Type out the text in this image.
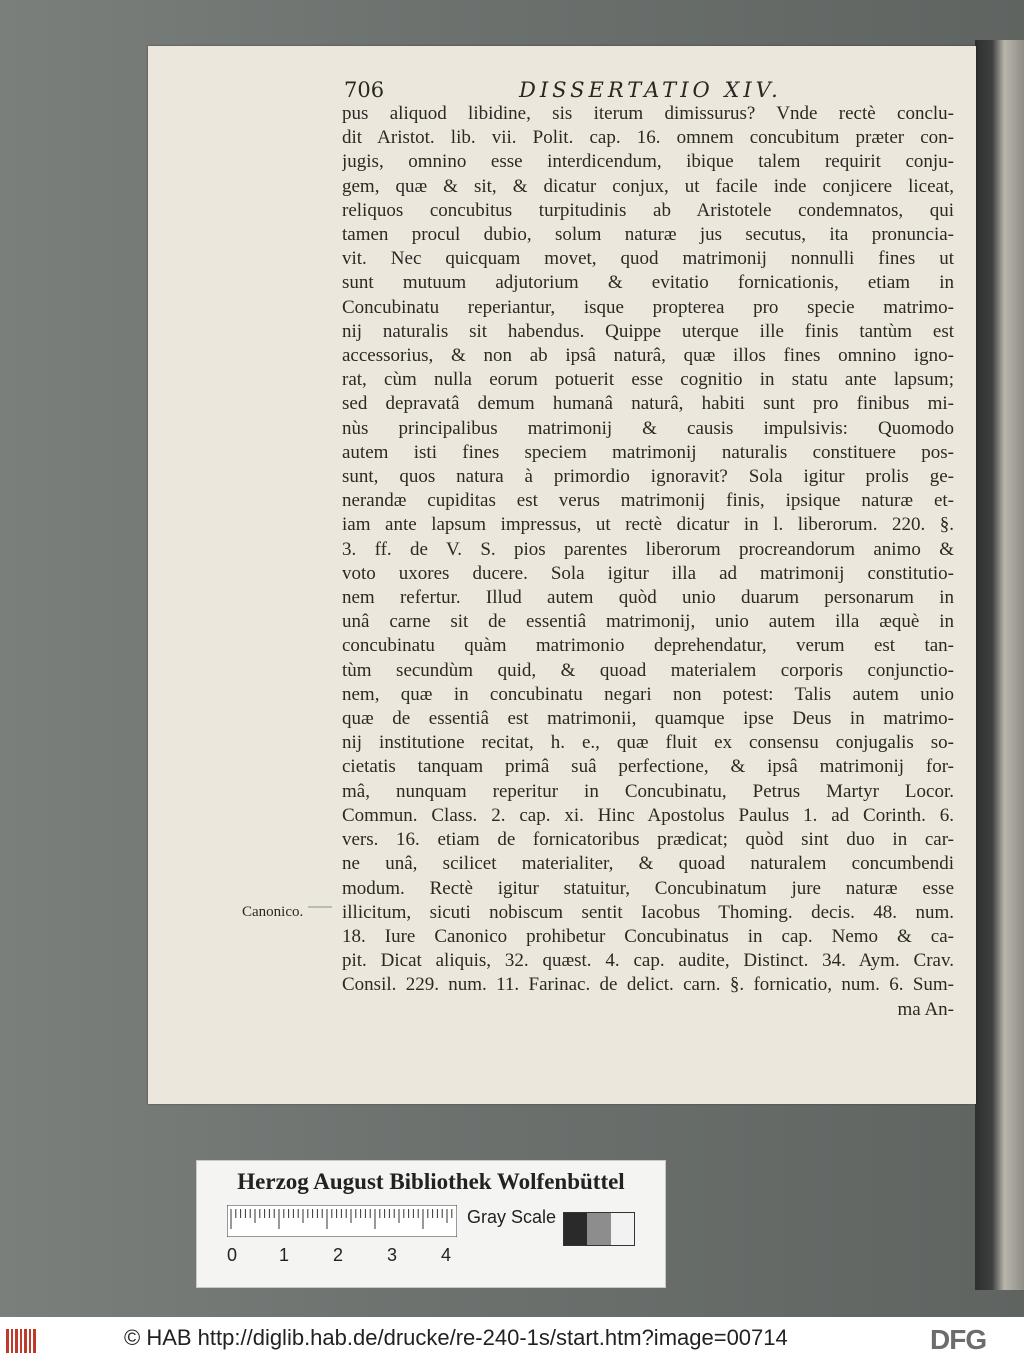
706	DISSERTATIO XIV.
Canonico.
pus aliquod libidine, sis iterum dimissurus? Vnde rectè conclu-
dit Aristot. lib. vii. Polit. cap. 16. omnem concubitum præter con-
jugis, omnino esse interdicendum, ibique talem requirit conju-
gem, quæ & sit, & dicatur conjux, ut facile inde conjicere liceat,
reliquos concubitus turpitudinis ab Aristotele condemnatos, qui
tamen procul dubio, solum naturæ jus secutus, ita pronuncia-
vit. Nec quicquam movet, quod matrimonij nonnulli fines ut
sunt mutuum adjutorium & evitatio fornicationis, etiam in
Concubinatu reperiantur, isque propterea pro specie matrimo-
nij naturalis sit habendus. Quippe uterque ille finis tantùm est
accessorius, & non ab ipsâ naturâ, quæ illos fines omnino igno-
rat, cùm nulla eorum potuerit esse cognitio in statu ante lapsum;
sed depravatâ demum humanâ naturâ, habiti sunt pro finibus mi-
nùs principalibus matrimonij & causis impulsivis: Quomodo
autem isti fines speciem matrimonij naturalis constituere pos-
sunt, quos natura à primordio ignoravit? Sola igitur prolis ge-
nerandæ cupiditas est verus matrimonij finis, ipsique naturæ et-
iam ante lapsum impressus, ut rectè dicatur in l. liberorum. 220. §.
3. ff. de V. S. pios parentes liberorum procreandorum animo &
voto uxores ducere. Sola igitur illa ad matrimonij constitutio-
nem refertur. Illud autem quòd unio duarum personarum in
unâ carne sit de essentiâ matrimonij, unio autem illa æquè in
concubinatu quàm matrimonio deprehendatur, verum est tan-
tùm secundùm quid, & quoad materialem corporis conjunctio-
nem, quæ in concubinatu negari non potest: Talis autem unio
quæ de essentiâ est matrimonii, quamque ipse Deus in matrimo-
nij institutione recitat, h. e., quæ fluit ex consensu conjugalis so-
cietatis tanquam primâ suâ perfectione, & ipsâ matrimonij for-
mâ, nunquam reperitur in Concubinatu, Petrus Martyr Locor.
Commun. Class. 2. cap. xi. Hinc Apostolus Paulus 1. ad Corinth. 6.
vers. 16. etiam de fornicatoribus prædicat; quòd sint duo in car-
ne unâ, scilicet materialiter, & quoad naturalem concumbendi
modum. Rectè igitur statuitur, Concubinatum jure naturæ esse
illicitum, sicuti nobiscum sentit Iacobus Thoming. decis. 48. num.
18. Iure Canonico prohibetur Concubinatus in cap. Nemo & ca-
pit. Dicat aliquis, 32. quæst. 4. cap. audite, Distinct. 34. Aym. Crav.
Consil. 229. num. 11. Farinac. de delict. carn. §. fornicatio, num. 6. Sum-
ma An-
Herzog August Bibliothek Wolfenbüttel
0 1 2 3 4
Gray Scale
© HAB http://diglib.hab.de/drucke/re-240-1s/start.htm?image=00714	DFG
